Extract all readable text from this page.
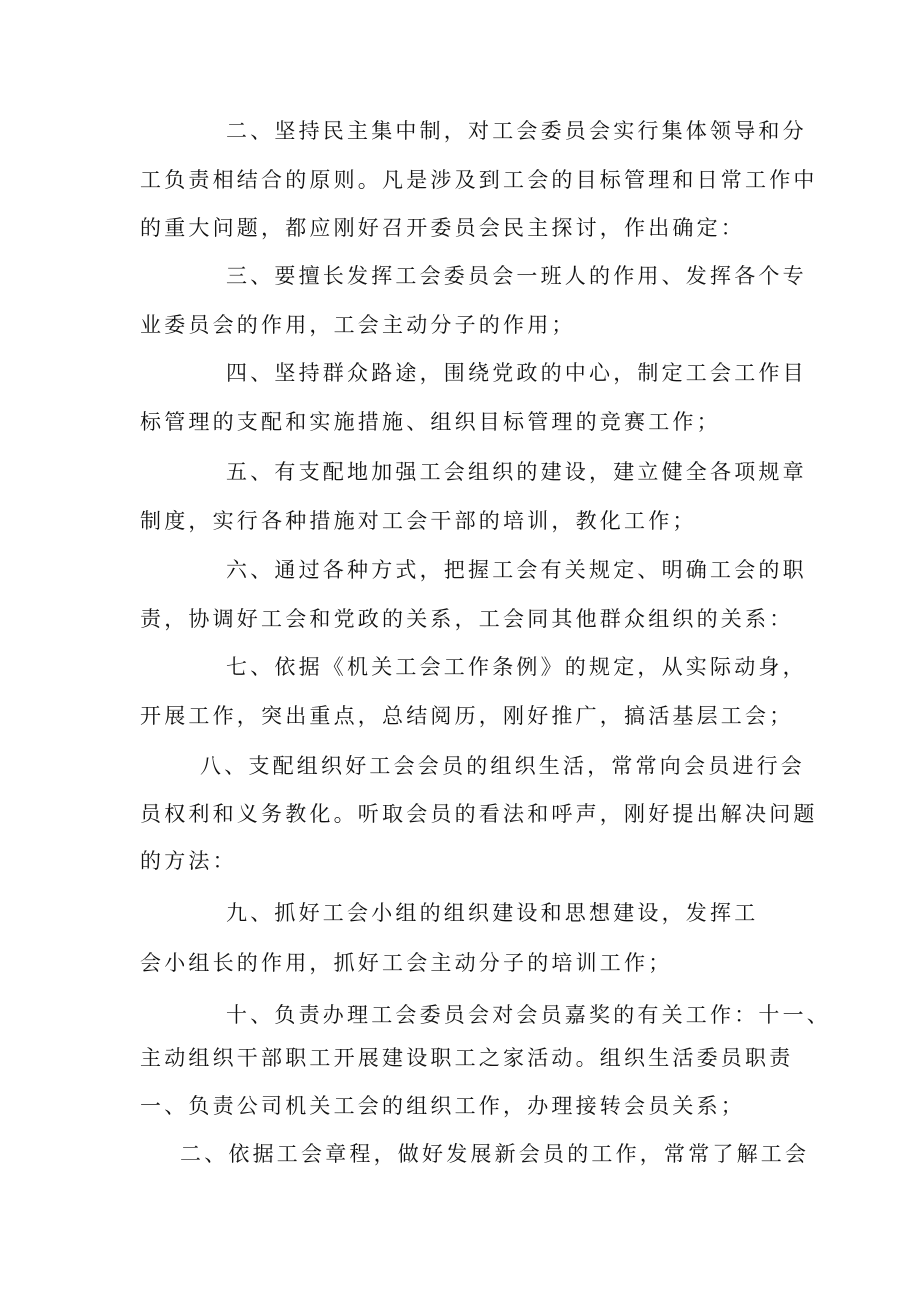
二、坚持民主集中制，对工会委员会实行集体领导和分
工负责相结合的原则。凡是涉及到工会的目标管理和日常工作中
的重大问题，都应刚好召开委员会民主探讨，作出确定：
三、要擅长发挥工会委员会一班人的作用、发挥各个专
业委员会的作用，工会主动分子的作用；
四、坚持群众路途，围绕党政的中心，制定工会工作目
标管理的支配和实施措施、组织目标管理的竞赛工作；
五、有支配地加强工会组织的建设，建立健全各项规章
制度，实行各种措施对工会干部的培训，教化工作；
六、通过各种方式，把握工会有关规定、明确工会的职
责，协调好工会和党政的关系，工会同其他群众组织的关系：
七、依据《机关工会工作条例》的规定，从实际动身，
开展工作，突出重点，总结阅历，刚好推广，搞活基层工会；
八、支配组织好工会会员的组织生活，常常向会员进行会
员权利和义务教化。听取会员的看法和呼声，刚好提出解决问题
的方法：
九、抓好工会小组的组织建设和思想建设，发挥工
会小组长的作用，抓好工会主动分子的培训工作；
十、负责办理工会委员会对会员嘉奖的有关工作：十一、
主动组织干部职工开展建设职工之家活动。组织生活委员职责
一、负责公司机关工会的组织工作，办理接转会员关系；
二、依据工会章程，做好发展新会员的工作，常常了解工会
